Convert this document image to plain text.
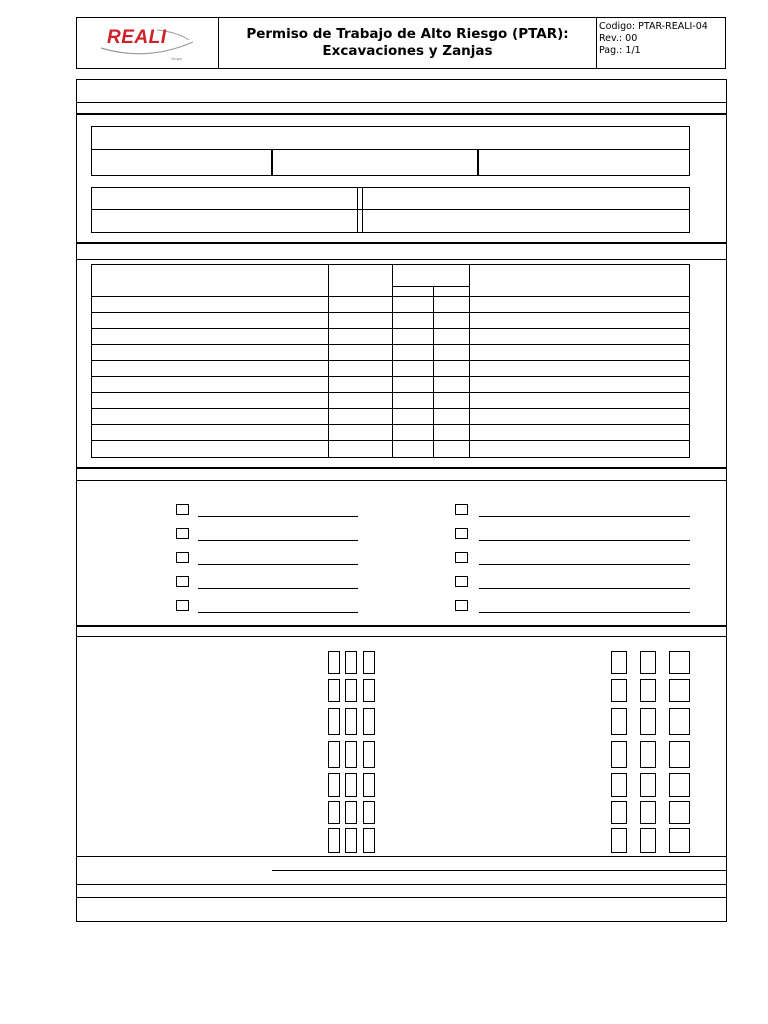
REALI
Grupo
Permiso de Trabajo de Alto Riesgo (PTAR):
Excavaciones y Zanjas
Codigo: PTAR-REALI-04
Rev.: 00
Pag.: 1/1
